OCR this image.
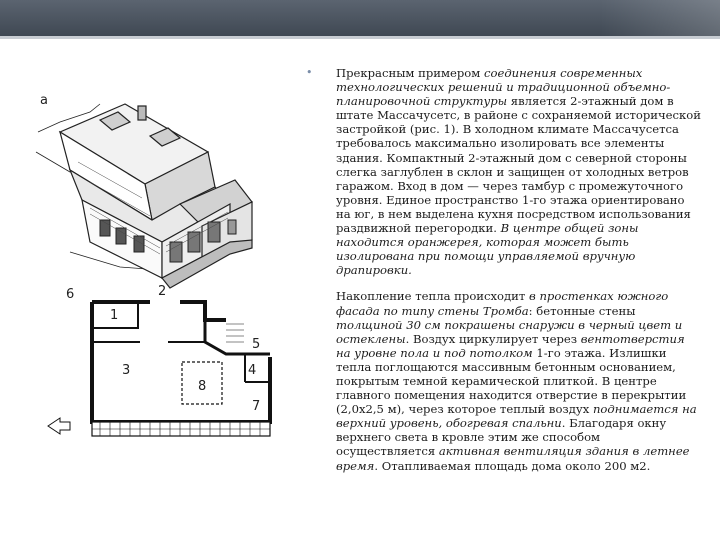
а
6
1
2
3
8
4
5
7

•	Прекрасным примером соединения современных технологических решений и традиционной объемно-планировочной структуры является 2-этажный дом в штате Массачусетс, в районе с сохраняемой исторической застройкой (рис. 1). В холодном климате Массачусетса требовалось максимально изолировать все элементы здания. Компактный 2-этажный дом с северной стороны слегка заглублен в склон и защищен от холодных ветров гаражом. Вход в дом — через тамбур с промежуточного уровня. Единое пространство 1-го этажа ориентировано на юг, в нем выделена кухня посредством использования раздвижной перегородки. В центре общей зоны находится оранжерея, которая может быть изолирована при помощи управляемой вручную драпировки.

Накопление тепла происходит в простенках южного фасада по типу стены Тромба: бетонные стены толщиной 30 см покрашены снаружи в черный цвет и остеклены. Воздух циркулирует через вентотверстия на уровне пола и под потолком 1-го этажа. Излишки тепла поглощаются массивным бетонным основанием, покрытым темной керамической плиткой. В центре главного помещения находится отверстие в перекрытии (2,0х2,5 м), через которое теплый воздух поднимается на верхний уровень, обогревая спальни. Благодаря окну верхнего света в кровле этим же способом осуществляется активная вентиляция здания в летнее время. Отапливаемая площадь дома около 200 м2.
